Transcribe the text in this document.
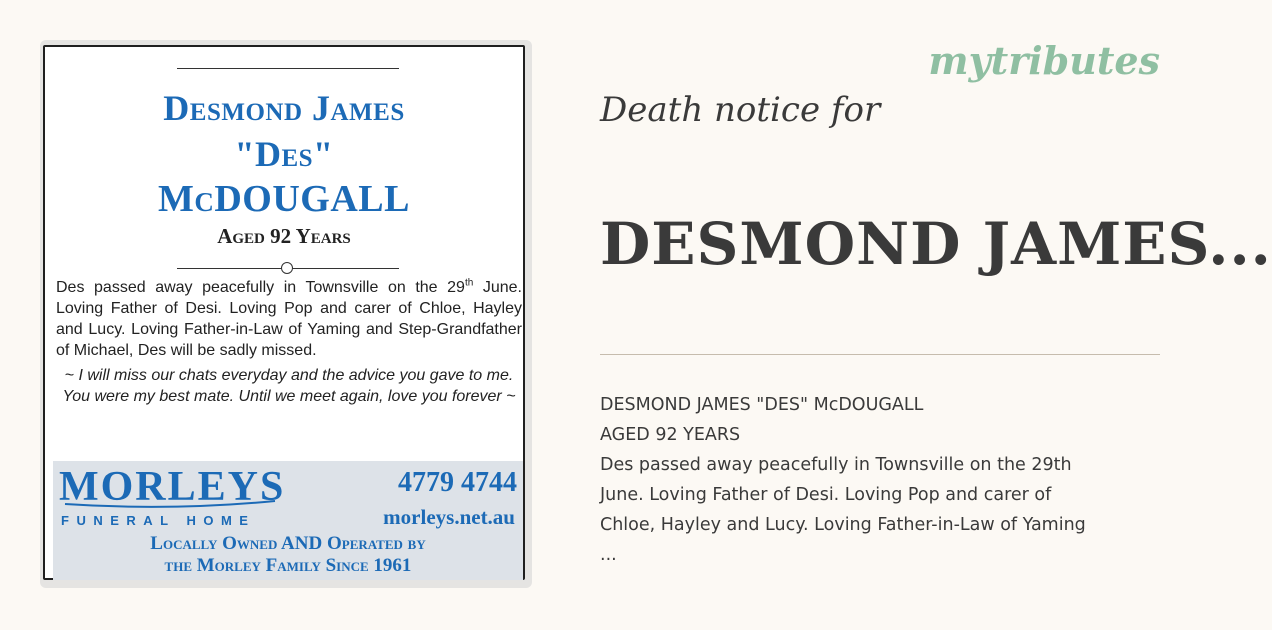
Desmond James
"Des"
McDOUGALL
Aged 92 Years
Des passed away peacefully in Townsville on the 29th June. Loving Father of Desi. Loving Pop and carer of Chloe, Hayley and Lucy. Loving Father-in-Law of Yaming and Step-Grandfather of Michael, Des will be sadly missed.
~ I will miss our chats everyday and the advice you gave to me. You were my best mate. Until we meet again, love you forever ~
MORLEYS
FUNERAL HOME
4779 4744
morleys.net.au
Locally Owned AND Operated by
the Morley Family Since 1961
mytributes
Death notice for
DESMOND JAMES...
DESMOND JAMES "DES" McDOUGALL
AGED 92 YEARS
Des passed away peacefully in Townsville on the 29th
June. Loving Father of Desi. Loving Pop and carer of
Chloe, Hayley and Lucy. Loving Father-in-Law of Yaming
...
